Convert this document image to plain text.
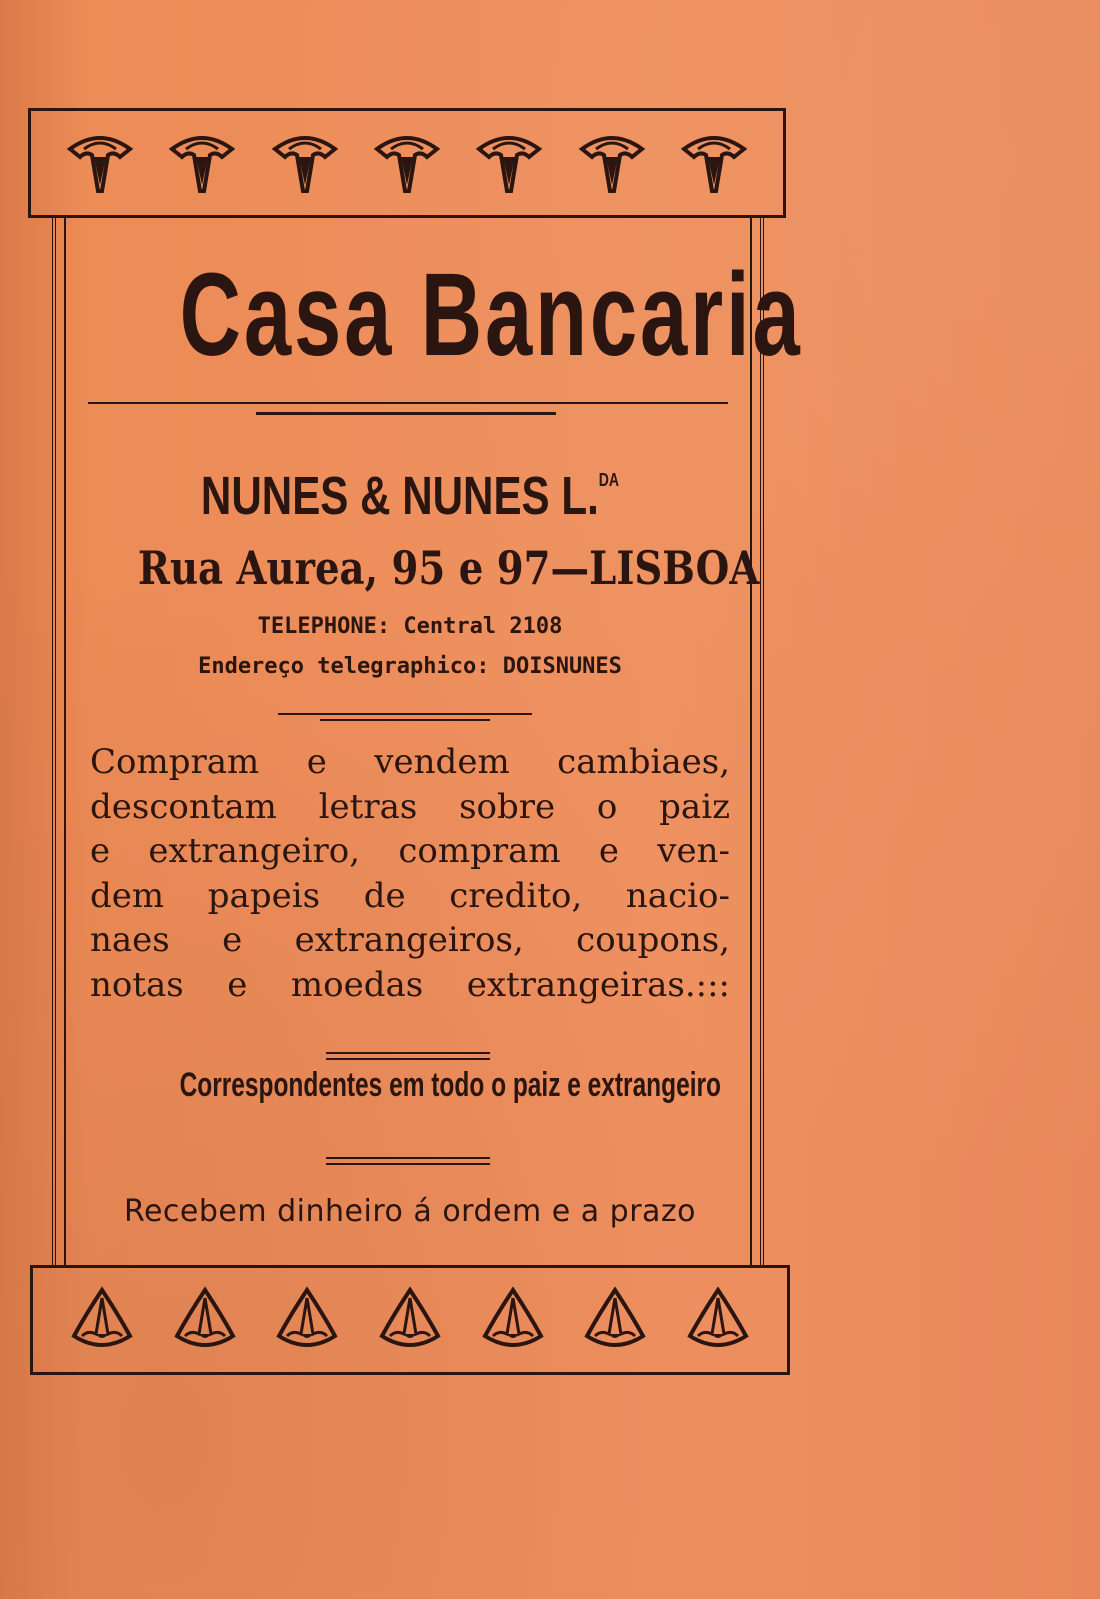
Casa Bancaria
NUNES & NUNES L.$^{DA}$
Rua Aurea, 95 e 97—LISBOA
TELEPHONE: Central 2108
Endereço telegraphico: DOISNUNES
Compram e vendem cambiaes,
descontam letras sobre o paiz
e extrangeiro, compram e ven-
dem papeis de credito, nacio-
naes e extrangeiros, coupons,
notas e moedas extrangeiras.:::
Correspondentes em todo o paiz e extrangeiro
Recebem dinheiro á ordem e a prazo
